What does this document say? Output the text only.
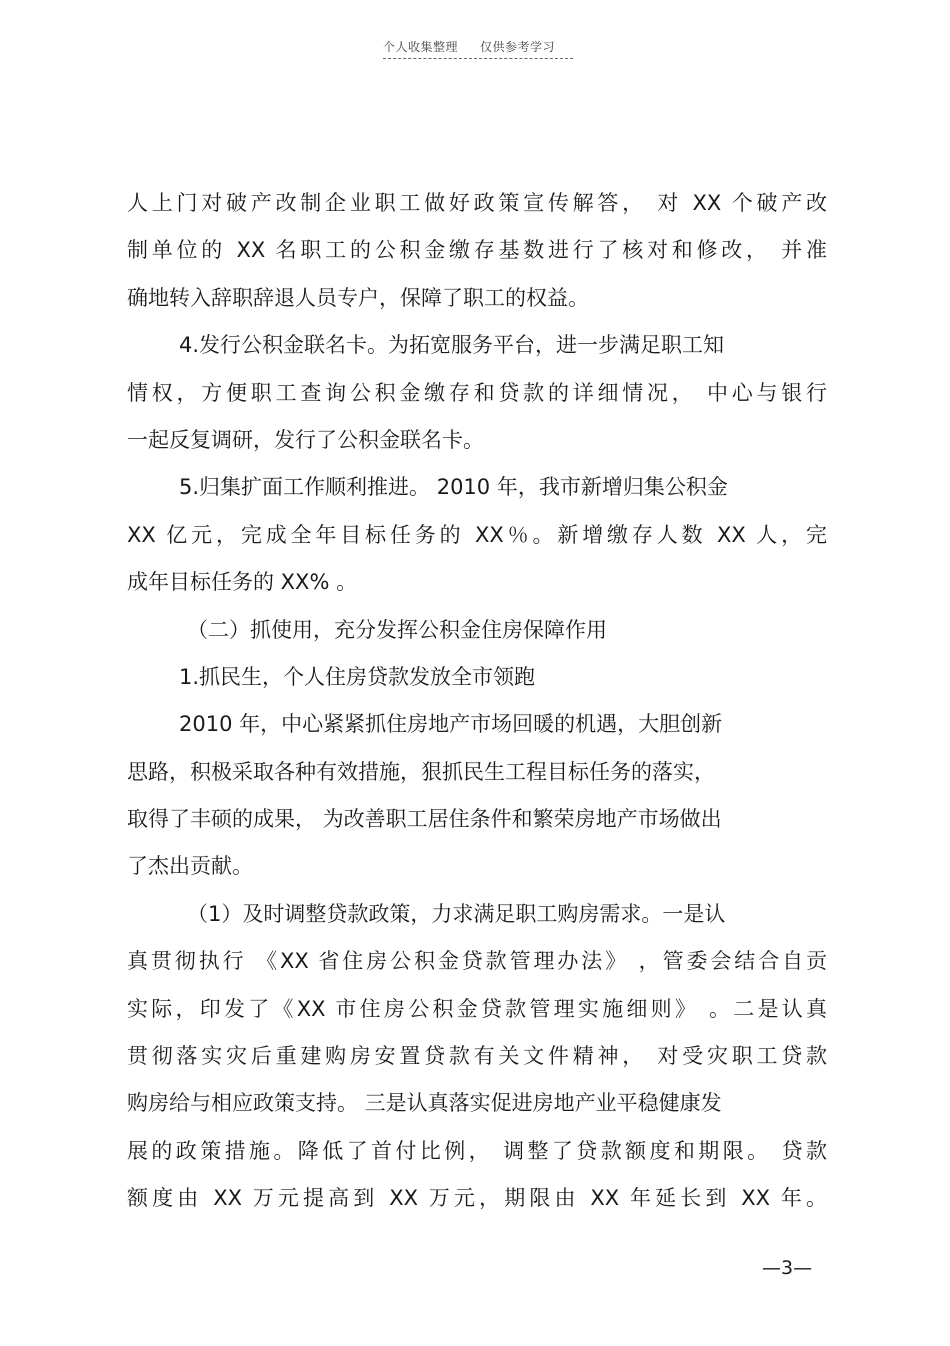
个人收集整理 仅供参考学习
人上门对破产改制企业职工做好政策宣传解答， 对 XX 个破产改
制单位的 XX 名职工的公积金缴存基数进行了核对和修改， 并准
确地转入辞职辞退人员专户，保障了职工的权益。
4.发行公积金联名卡。为拓宽服务平台，进一步满足职工知
情权，方便职工查询公积金缴存和贷款的详细情况， 中心与银行
一起反复调研，发行了公积金联名卡。
5.归集扩面工作顺利推进。 2010 年，我市新增归集公积金
XX 亿元，完成全年目标任务的 XX％。新增缴存人数 XX 人，完
成年目标任务的 XX% 。
（二）抓使用，充分发挥公积金住房保障作用
1.抓民生，个人住房贷款发放全市领跑
2010 年，中心紧紧抓住房地产市场回暖的机遇，大胆创新
思路，积极采取各种有效措施，狠抓民生工程目标任务的落实，
取得了丰硕的成果， 为改善职工居住条件和繁荣房地产市场做出
了杰出贡献。
（1）及时调整贷款政策，力求满足职工购房需求。一是认
真贯彻执行 《XX 省住房公积金贷款管理办法》 ，管委会结合自贡
实际，印发了《XX 市住房公积金贷款管理实施细则》 。二是认真
贯彻落实灾后重建购房安置贷款有关文件精神， 对受灾职工贷款
购房给与相应政策支持。 三是认真落实促进房地产业平稳健康发
展的政策措施。降低了首付比例， 调整了贷款额度和期限。 贷款
额度由 XX 万元提高到 XX 万元，期限由 XX 年延长到 XX 年。
—3—
